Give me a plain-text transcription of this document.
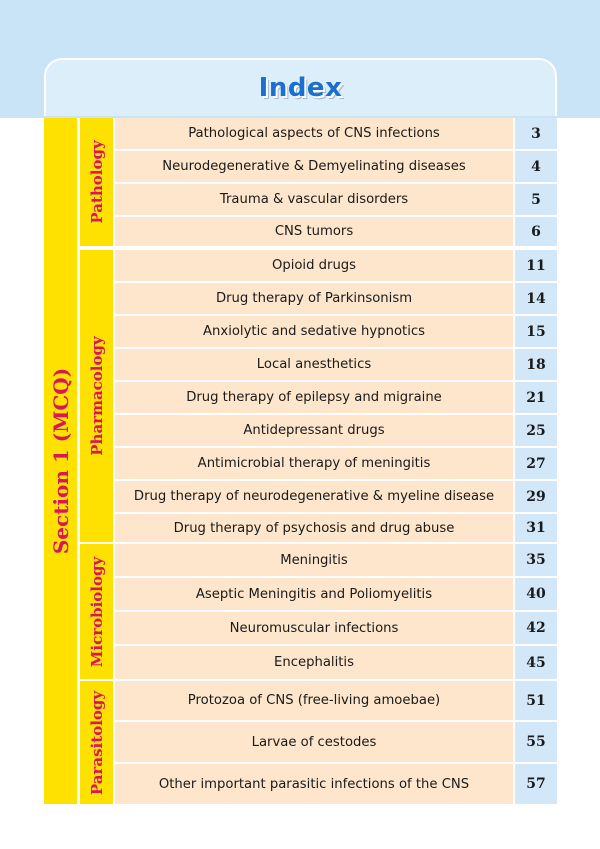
Index
Section 1 (MCQ)
Pathology
Pharmacology
Microbiology
Parasitology
Pathological aspects of CNS infections	3
Neurodegenerative & Demyelinating diseases	4
Trauma & vascular disorders	5
CNS tumors	6
Opioid drugs	11
Drug therapy of Parkinsonism	14
Anxiolytic and sedative hypnotics	15
Local anesthetics	18
Drug therapy of epilepsy and migraine	21
Antidepressant drugs	25
Antimicrobial therapy of meningitis	27
Drug therapy of neurodegenerative & myeline disease	29
Drug therapy of psychosis and drug abuse	31
Meningitis	35
Aseptic Meningitis and Poliomyelitis	40
Neuromuscular infections	42
Encephalitis	45
Protozoa of CNS (free-living amoebae)	51
Larvae of cestodes	55
Other important parasitic infections of the CNS	57
